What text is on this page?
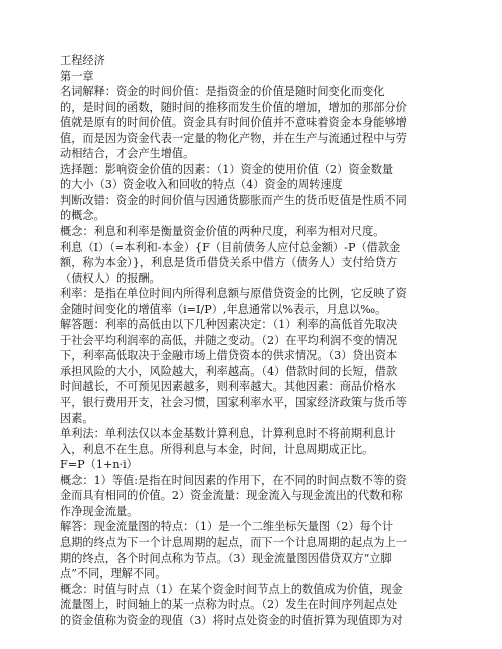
工程经济
第一章
名词解释：资金的时间价值：是指资金的价值是随时间变化而变化
的，是时间的函数，随时间的推移而发生价值的增加，增加的那部分价
值就是原有的时间价值。资金具有时间价值并不意味着资金本身能够增
值，而是因为资金代表一定量的物化产物，并在生产与流通过程中与劳
动相结合，才会产生增值。
选择题：影响资金价值的因素：（1）资金的使用价值（2）资金数量
的大小（3）资金收入和回收的特点（4）资金的周转速度
判断改错：资金的时间价值与因通货膨胀而产生的货币贬值是性质不同
的概念。
概念：利息和利率是衡量资金价值的两种尺度，利率为相对尺度。
利息（I）（=本利和-本金）{F（目前债务人应付总金额）-P（借款金
额，称为本金）}，利息是货币借贷关系中借方（债务人）支付给贷方
（债权人）的报酬。
利率：是指在单位时间内所得利息额与原借贷资金的比例，它反映了资
金随时间变化的增值率（i=I/P）,年息通常以%表示，月息以‰。
解答题：利率的高低由以下几种因素决定：（1）利率的高低首先取决
于社会平均利润率的高低，并随之变动。（2）在平均利润不变的情况
下，利率高低取决于金融市场上借贷资本的供求情况。（3）贷出资本
承担风险的大小，风险越大，利率越高。（4）借款时间的长短，借款
时间越长，不可预见因素越多，则利率越大。其他因素：商品价格水
平，银行费用开支，社会习惯，国家利率水平，国家经济政策与货币等
因素。
单利法：单利法仅以本金基数计算利息，计算利息时不将前期利息计
入，利息不在生息。所得利息与本金，时间，计息周期成正比。
F=P（1+n·i）
概念：1）等值:是指在时间因素的作用下，在不同的时间点数不等的资
金而具有相同的价值。2）资金流量：现金流入与现金流出的代数和称
作净现金流量。
解答：现金流量图的特点：（1）是一个二维坐标矢量图（2）每个计
息期的终点为下一个计息周期的起点，而下一个计息周期的起点为上一
期的终点，各个时间点称为节点。（3）现金流量图因借贷双方“立脚
点”不同，理解不同。
概念：时值与时点（1）在某个资金时间节点上的数值成为价值，现金
流量图上，时间轴上的某一点称为时点。（2）发生在时间序列起点处
的资金值称为资金的现值（3）将时点处资金的时值折算为现值即为对
